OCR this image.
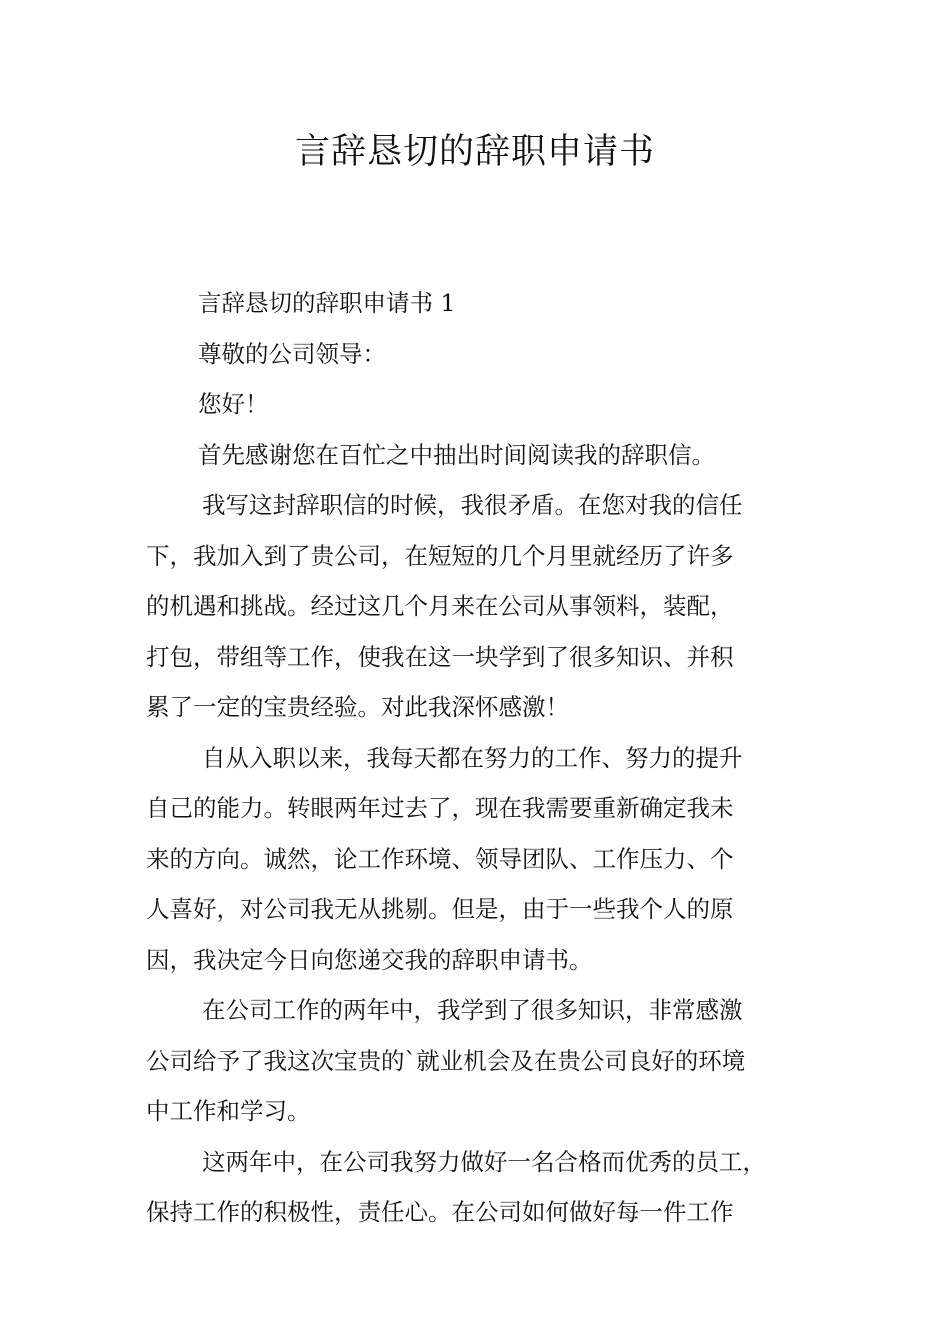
言辞恳切的辞职申请书
言辞恳切的辞职申请书 1
尊敬的公司领导：
您好！
首先感谢您在百忙之中抽出时间阅读我的辞职信。
我写这封辞职信的时候，我很矛盾。在您对我的信任
下，我加入到了贵公司，在短短的几个月里就经历了许多
的机遇和挑战。经过这几个月来在公司从事领料，装配，
打包，带组等工作，使我在这一块学到了很多知识、并积
累了一定的宝贵经验。对此我深怀感激！
自从入职以来，我每天都在努力的工作、努力的提升
自己的能力。转眼两年过去了，现在我需要重新确定我未
来的方向。诚然，论工作环境、领导团队、工作压力、个
人喜好，对公司我无从挑剔。但是，由于一些我个人的原
因，我决定今日向您递交我的辞职申请书。
在公司工作的两年中，我学到了很多知识，非常感激
公司给予了我这次宝贵的`就业机会及在贵公司良好的环境
中工作和学习。
这两年中，在公司我努力做好一名合格而优秀的员工，
保持工作的积极性，责任心。在公司如何做好每一件工作
